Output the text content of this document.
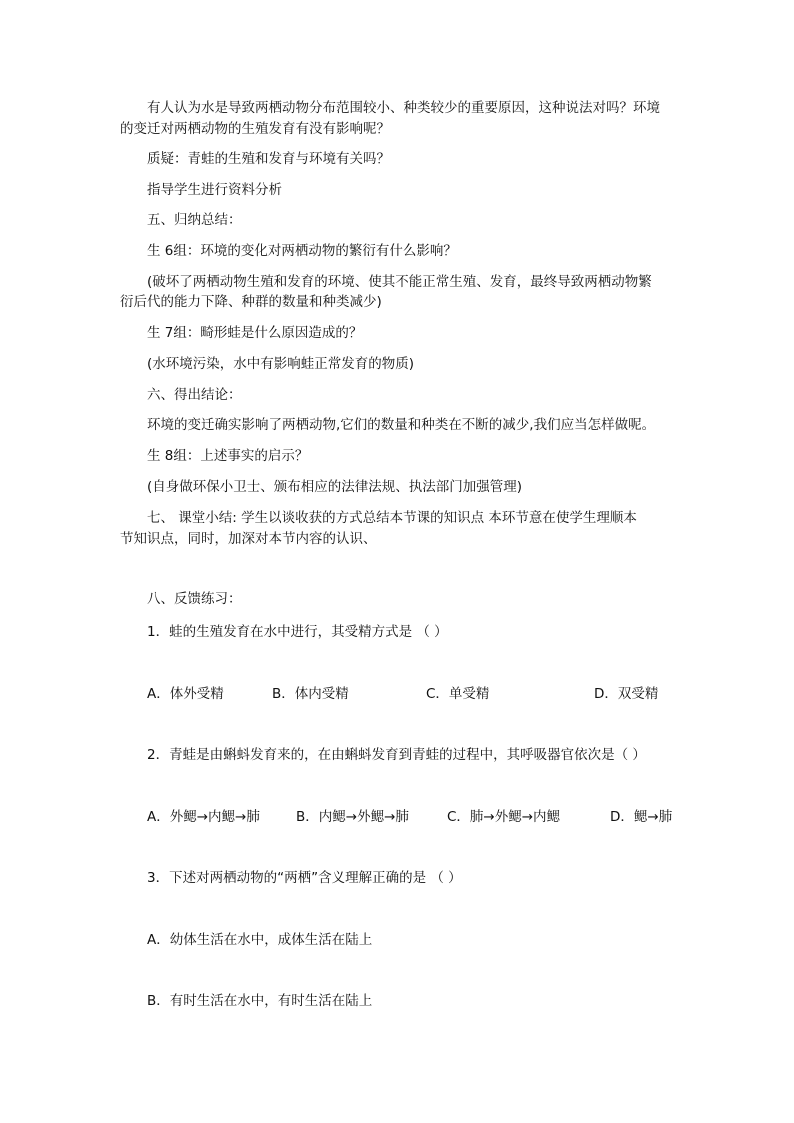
有人认为水是导致两栖动物分布范围较小、种类较少的重要原因，这种说法对吗？环境
的变迁对两栖动物的生殖发育有没有影响呢？
质疑：青蛙的生殖和发育与环境有关吗？
指导学生进行资料分析
五、归纳总结：
生 6组：环境的变化对两栖动物的繁衍有什么影响？
(破坏了两栖动物生殖和发育的环境、使其不能正常生殖、发育，最终导致两栖动物繁
衍后代的能力下降、种群的数量和种类减少)
生 7组：畸形蛙是什么原因造成的？
(水环境污染，水中有影响蛙正常发育的物质)
六、得出结论：
环境的变迁确实影响了两栖动物,它们的数量和种类在不断的减少,我们应当怎样做呢。
生 8组：上述事实的启示？
(自身做环保小卫士、颁布相应的法律法规、执法部门加强管理)
七、 课堂小结: 学生以谈收获的方式总结本节课的知识点 本环节意在使学生理顺本
节知识点，同时，加深对本节内容的认识、
八、反馈练习：
1．蛙的生殖发育在水中进行，其受精方式是 （ ）
A．体外受精	B．体内受精	C．单受精	D．双受精
2．青蛙是由蝌蚪发育来的，在由蝌蚪发育到青蛙的过程中，其呼吸器官依次是（ ）
A．外鳃→内鳃→肺	B．内鳃→外鳃→肺	C．肺→外鳃→内鳃	D．鳃→肺
3．下述对两栖动物的“两栖”含义理解正确的是 （ ）
A．幼体生活在水中，成体生活在陆上
B．有时生活在水中，有时生活在陆上
